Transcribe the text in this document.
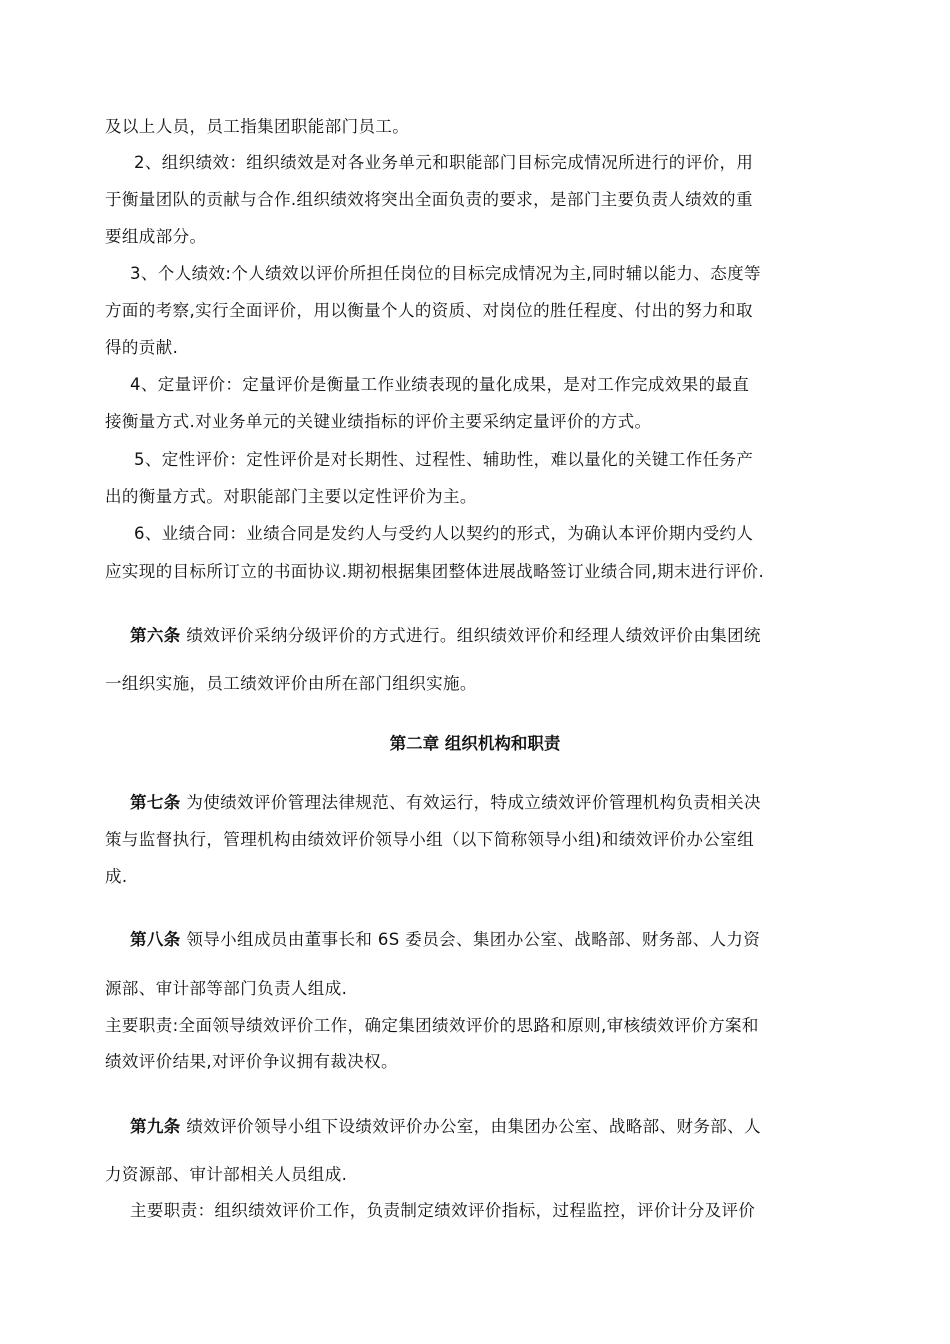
及以上人员，员工指集团职能部门员工。
2、组织绩效：组织绩效是对各业务单元和职能部门目标完成情况所进行的评价，用
于衡量团队的贡献与合作.组织绩效将突出全面负责的要求，是部门主要负责人绩效的重
要组成部分。
3、个人绩效:个人绩效以评价所担任岗位的目标完成情况为主,同时辅以能力、态度等
方面的考察,实行全面评价，用以衡量个人的资质、对岗位的胜任程度、付出的努力和取
得的贡献.
4、定量评价：定量评价是衡量工作业绩表现的量化成果，是对工作完成效果的最直
接衡量方式.对业务单元的关键业绩指标的评价主要采纳定量评价的方式。
5、定性评价：定性评价是对长期性、过程性、辅助性，难以量化的关键工作任务产
出的衡量方式。对职能部门主要以定性评价为主。
6、业绩合同：业绩合同是发约人与受约人以契约的形式，为确认本评价期内受约人
应实现的目标所订立的书面协议.期初根据集团整体进展战略签订业绩合同,期末进行评价.
第六条 绩效评价采纳分级评价的方式进行。组织绩效评价和经理人绩效评价由集团统
一组织实施，员工绩效评价由所在部门组织实施。
第二章 组织机构和职责
第七条 为使绩效评价管理法律规范、有效运行，特成立绩效评价管理机构负责相关决
策与监督执行，管理机构由绩效评价领导小组（以下简称领导小组)和绩效评价办公室组
成.
第八条 领导小组成员由董事长和 6S 委员会、集团办公室、战略部、财务部、人力资
源部、审计部等部门负责人组成.
主要职责:全面领导绩效评价工作，确定集团绩效评价的思路和原则,审核绩效评价方案和
绩效评价结果,对评价争议拥有裁决权。
第九条 绩效评价领导小组下设绩效评价办公室，由集团办公室、战略部、财务部、人
力资源部、审计部相关人员组成.
主要职责：组织绩效评价工作，负责制定绩效评价指标，过程监控，评价计分及评价
